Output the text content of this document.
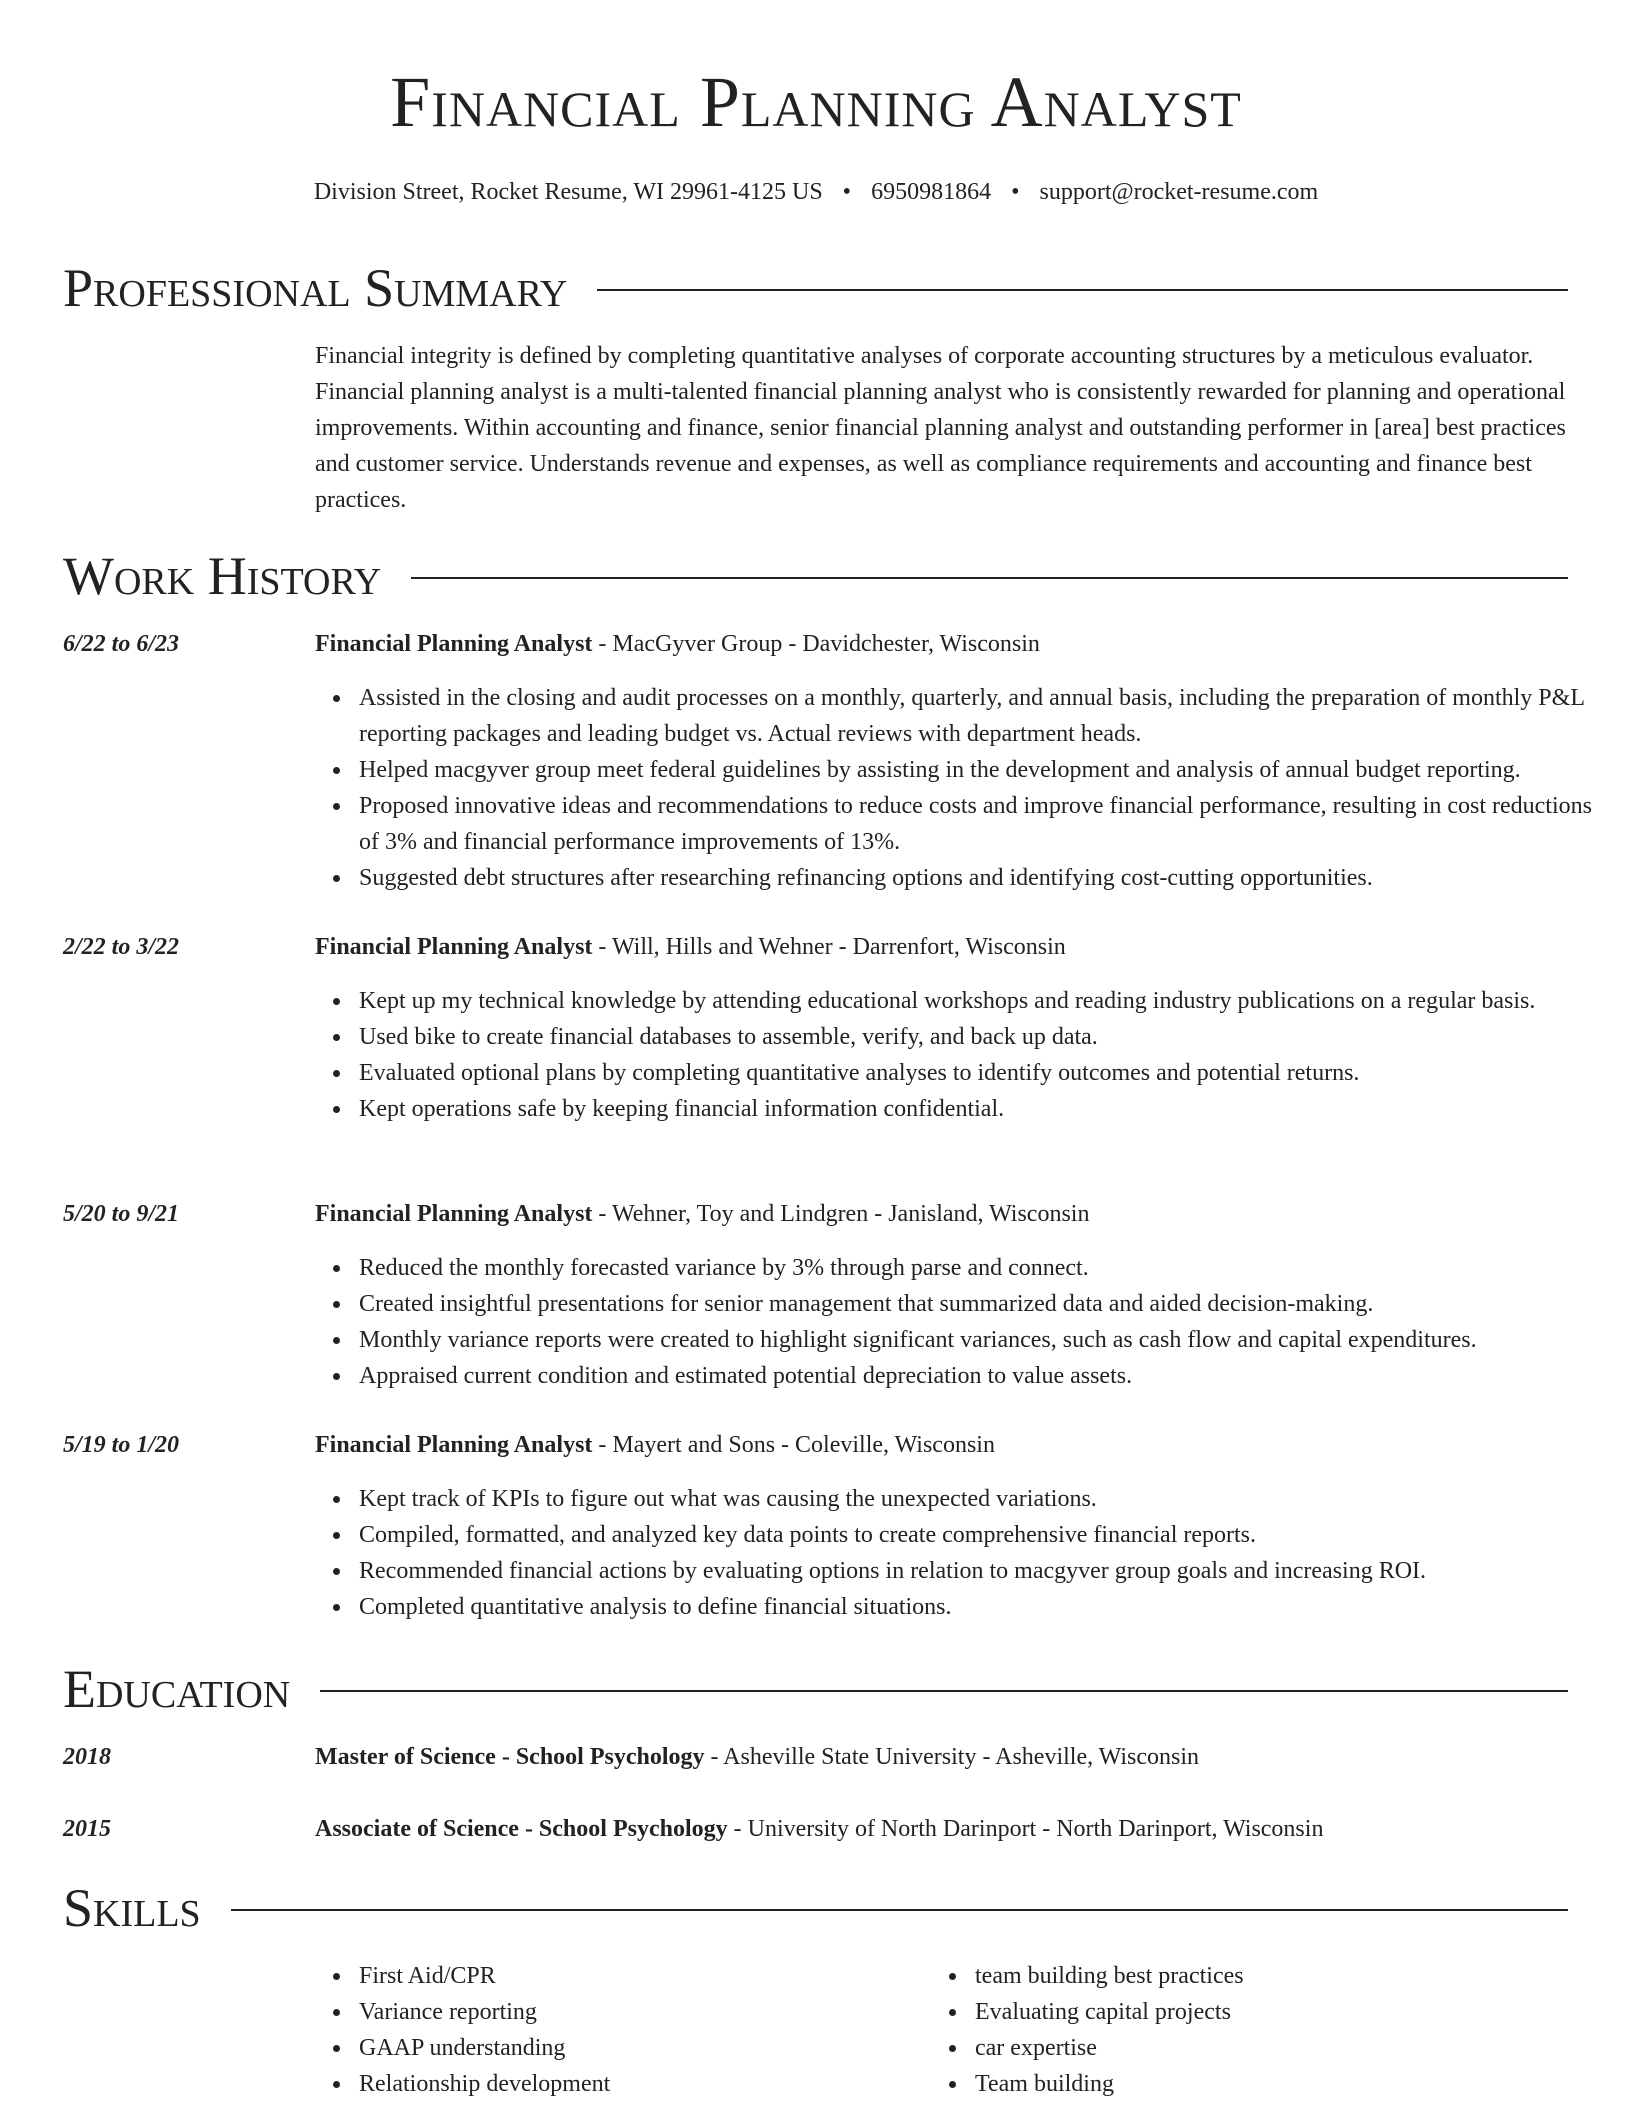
Financial Planning Analyst
Division Street, Rocket Resume, WI 29961-4125 US • 6950981864 • support@rocket-resume.com
Professional Summary

Financial integrity is defined by completing quantitative analyses of corporate accounting structures by a meticulous evaluator. Financial planning analyst is a multi-talented financial planning analyst who is consistently rewarded for planning and operational improvements. Within accounting and finance, senior financial planning analyst and outstanding performer in [area] best practices and customer service. Understands revenue and expenses, as well as compliance requirements and accounting and finance best practices.

Work History
6/22 to 6/23	Financial Planning Analyst - MacGyver Group - Davidchester, Wisconsin
Assisted in the closing and audit processes on a monthly, quarterly, and annual basis, including the preparation of monthly P&L reporting packages and leading budget vs. Actual reviews with department heads.
Helped macgyver group meet federal guidelines by assisting in the development and analysis of annual budget reporting.
Proposed innovative ideas and recommendations to reduce costs and improve financial performance, resulting in cost reductions of 3% and financial performance improvements of 13%.
Suggested debt structures after researching refinancing options and identifying cost-cutting opportunities.
2/22 to 3/22	Financial Planning Analyst - Will, Hills and Wehner - Darrenfort, Wisconsin
Kept up my technical knowledge by attending educational workshops and reading industry publications on a regular basis.
Used bike to create financial databases to assemble, verify, and back up data.
Evaluated optional plans by completing quantitative analyses to identify outcomes and potential returns.
Kept operations safe by keeping financial information confidential.
5/20 to 9/21	Financial Planning Analyst - Wehner, Toy and Lindgren - Janisland, Wisconsin
Reduced the monthly forecasted variance by 3% through parse and connect.
Created insightful presentations for senior management that summarized data and aided decision-making.
Monthly variance reports were created to highlight significant variances, such as cash flow and capital expenditures.
Appraised current condition and estimated potential depreciation to value assets.
5/19 to 1/20	Financial Planning Analyst - Mayert and Sons - Coleville, Wisconsin
Kept track of KPIs to figure out what was causing the unexpected variations.
Compiled, formatted, and analyzed key data points to create comprehensive financial reports.
Recommended financial actions by evaluating options in relation to macgyver group goals and increasing ROI.
Completed quantitative analysis to define financial situations.
Education
2018	Master of Science - School Psychology - Asheville State University - Asheville, Wisconsin
2015	Associate of Science - School Psychology - University of North Darinport - North Darinport, Wisconsin
Skills
First Aid/CPR
Variance reporting
GAAP understanding
Relationship development
team building best practices
Evaluating capital projects
car expertise
Team building
